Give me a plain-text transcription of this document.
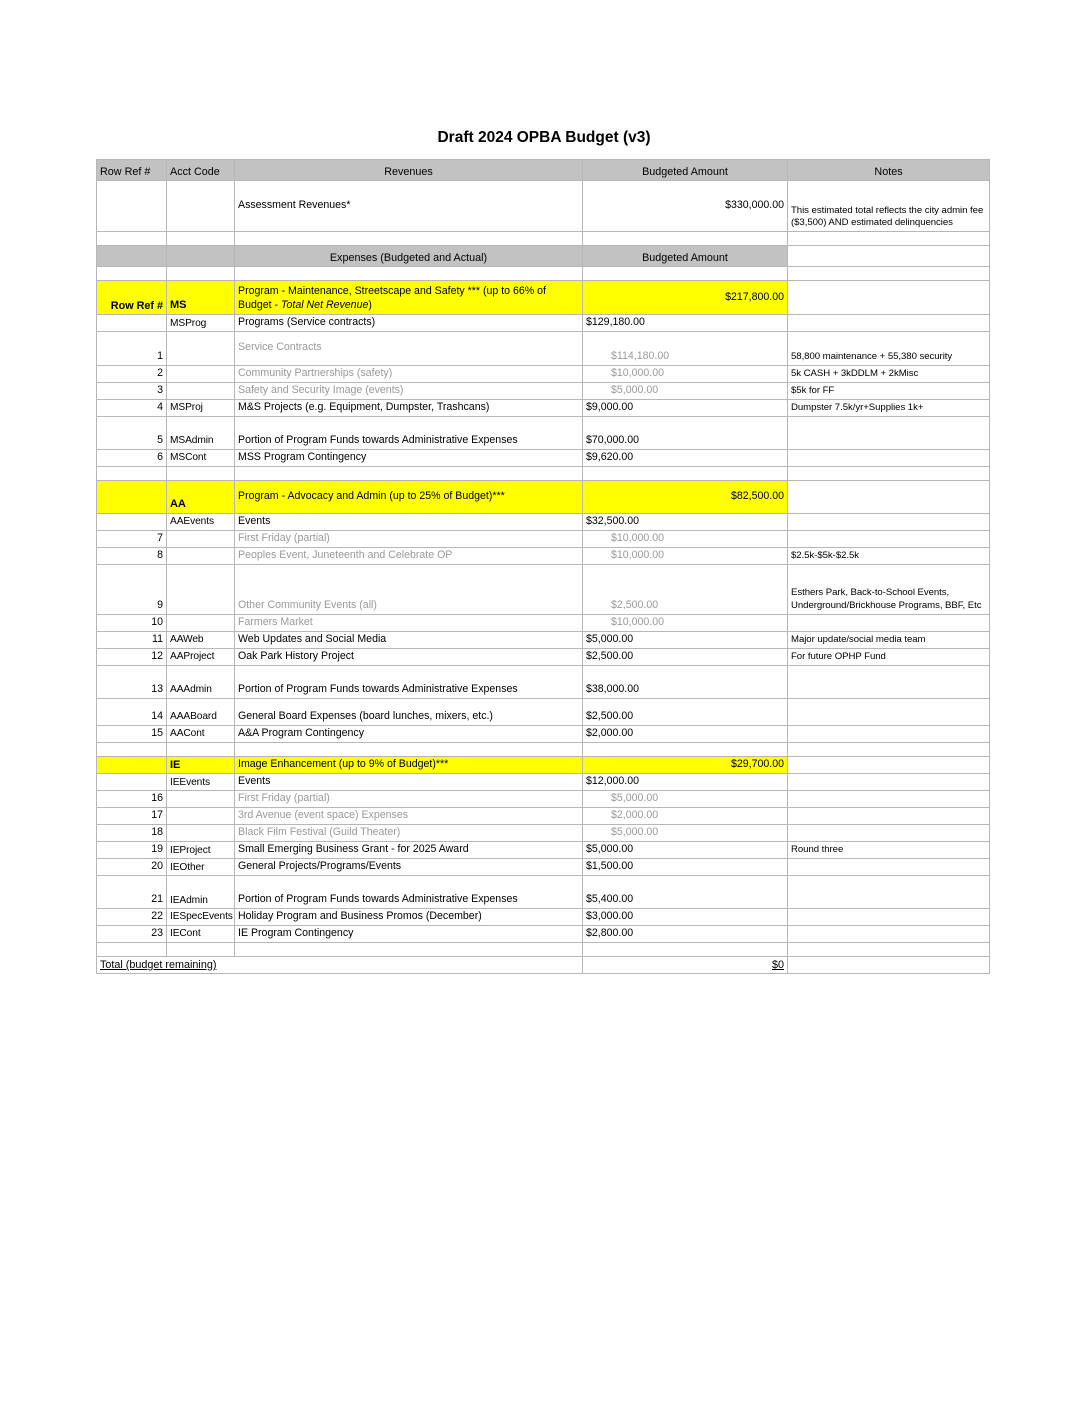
Draft 2024 OPBA Budget (v3)
Row Ref #	Acct Code	Revenues	Budgeted Amount	Notes
		Assessment Revenues*	$330,000.00	This estimated total reflects the city admin fee ($3,500) AND estimated delinquencies

		Expenses (Budgeted and Actual)	Budgeted Amount	

Row Ref #	MS	Program - Maintenance, Streetscape and Safety *** (up to 66% of Budget - Total Net Revenue)	$217,800.00	
	MSProg	Programs (Service contracts)	$129,180.00	
1		Service Contracts	$114,180.00	58,800 maintenance + 55,380 security
2		Community Partnerships (safety)	$10,000.00	5k CASH + 3kDDLM + 2kMisc
3		Safety and Security Image (events)	$5,000.00	$5k for FF
4	MSProj	M&S Projects (e.g. Equipment, Dumpster, Trashcans)	$9,000.00	Dumpster 7.5k/yr+Supplies 1k+
5	MSAdmin	Portion of Program Funds towards Administrative Expenses	$70,000.00	
6	MSCont	MSS Program Contingency	$9,620.00	

	AA	Program - Advocacy and Admin (up to 25% of Budget)***	$82,500.00	
	AAEvents	Events	$32,500.00	
7		First Friday (partial)	$10,000.00	
8		Peoples Event, Juneteenth and Celebrate OP	$10,000.00	$2.5k-$5k-$2.5k
9		Other Community Events (all)	$2,500.00	Esthers Park, Back-to-School Events, Underground/Brickhouse Programs, BBF, Etc
10		Farmers Market	$10,000.00	
11	AAWeb	Web Updates and Social Media	$5,000.00	Major update/social media team
12	AAProject	Oak Park History Project	$2,500.00	For future OPHP Fund
13	AAAdmin	Portion of Program Funds towards Administrative Expenses	$38,000.00	
14	AAABoard	General Board Expenses (board lunches, mixers, etc.)	$2,500.00	
15	AACont	A&A Program Contingency	$2,000.00	

	IE	Image Enhancement (up to 9% of Budget)***	$29,700.00	
	IEEvents	Events	$12,000.00	
16		First Friday (partial)	$5,000.00	
17		3rd Avenue (event space) Expenses	$2,000.00	
18		Black Film Festival (Guild Theater)	$5,000.00	
19	IEProject	Small Emerging Business Grant - for 2025 Award	$5,000.00	Round three
20	IEOther	General Projects/Programs/Events	$1,500.00	
21	IEAdmin	Portion of Program Funds towards Administrative Expenses	$5,400.00	
22	IESpecEvents	Holiday Program and Business Promos (December)	$3,000.00	
23	IECont	IE Program Contingency	$2,800.00	

Total (budget remaining)			$0	
